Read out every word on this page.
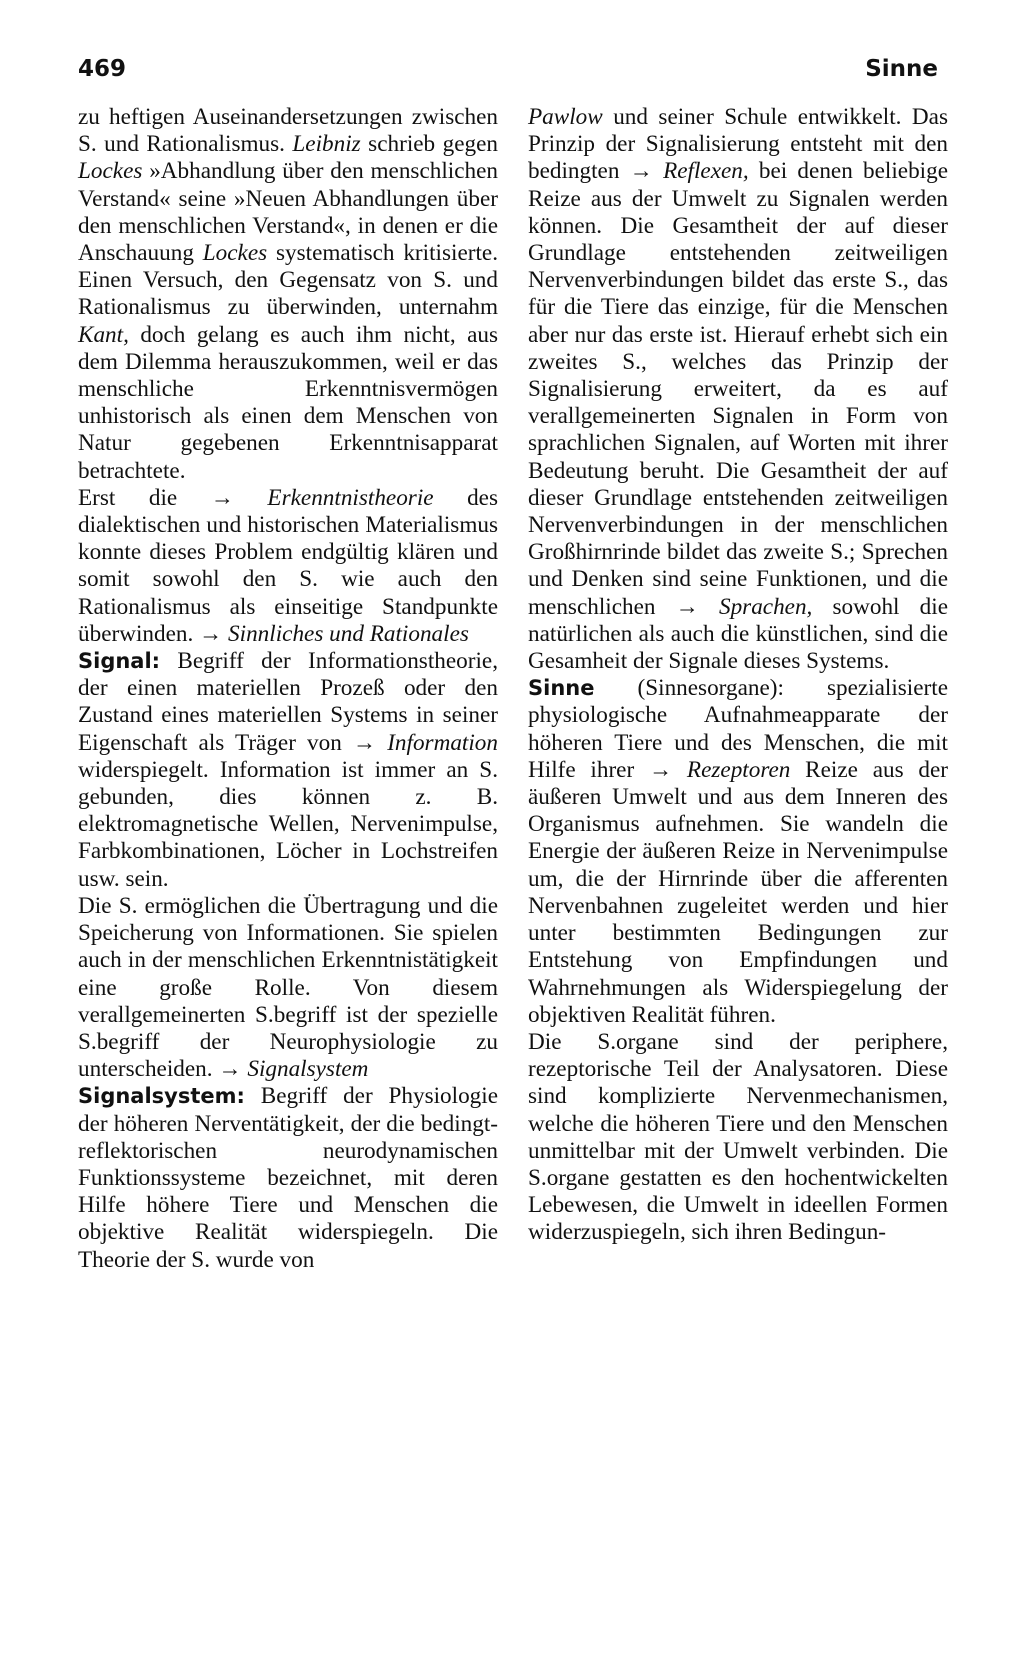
469	Sinne

zu heftigen Auseinandersetzungen zwischen S. und Rationalismus. Leibniz schrieb gegen Lockes »Abhandlung über den menschlichen Verstand« seine »Neuen Abhandlungen über den menschlichen Verstand«, in denen er die Anschauung Lockes systematisch kritisierte. Einen Versuch, den Gegensatz von S. und Rationalismus zu überwinden, unternahm Kant, doch gelang es auch ihm nicht, aus dem Dilemma herauszukommen, weil er das menschliche Erkenntnisvermögen unhistorisch als einen dem Menschen von Natur gegebenen Erkenntnisapparat betrachtete.

Erst die → Erkenntnistheorie des dialektischen und historischen Materialismus konnte dieses Problem endgültig klären und somit sowohl den S. wie auch den Rationalismus als einseitige Standpunkte überwinden. → Sinnliches und Rationales

Signal: Begriff der Informationstheorie, der einen materiellen Prozeß oder den Zustand eines materiellen Systems in seiner Eigenschaft als Träger von → Information widerspiegelt. Information ist immer an S. gebunden, dies können z. B. elektromagnetische Wellen, Nervenimpulse, Farbkombinationen, Löcher in Lochstreifen usw. sein.

Die S. ermöglichen die Übertragung und die Speicherung von Informationen. Sie spielen auch in der menschlichen Erkenntnistätigkeit eine große Rolle. Von diesem verallgemeinerten S.begriff ist der spezielle S.begriff der Neurophysiologie zu unterscheiden. → Signalsystem

Signalsystem: Begriff der Physiologie der höheren Nerventätigkeit, der die bedingt-reflektorischen neurodynamischen Funktionssysteme bezeichnet, mit deren Hilfe höhere Tiere und Menschen die objektive Realität widerspiegeln. Die Theorie der S. wurde von

Pawlow und seiner Schule entwikkelt. Das Prinzip der Signalisierung entsteht mit den bedingten → Reflexen, bei denen beliebige Reize aus der Umwelt zu Signalen werden können. Die Gesamtheit der auf dieser Grundlage entstehenden zeitweiligen Nervenverbindungen bildet das erste S., das für die Tiere das einzige, für die Menschen aber nur das erste ist. Hierauf erhebt sich ein zweites S., welches das Prinzip der Signalisierung erweitert, da es auf verallgemeinerten Signalen in Form von sprachlichen Signalen, auf Worten mit ihrer Bedeutung beruht. Die Gesamtheit der auf dieser Grundlage entstehenden zeitweiligen Nervenverbindungen in der menschlichen Großhirnrinde bildet das zweite S.; Sprechen und Denken sind seine Funktionen, und die menschlichen → Sprachen, sowohl die natürlichen als auch die künstlichen, sind die Gesamheit der Signale dieses Systems.

Sinne (Sinnesorgane): spezialisierte physiologische Aufnahmeapparate der höheren Tiere und des Menschen, die mit Hilfe ihrer → Rezeptoren Reize aus der äußeren Umwelt und aus dem Inneren des Organismus aufnehmen. Sie wandeln die Energie der äußeren Reize in Nervenimpulse um, die der Hirnrinde über die afferenten Nervenbahnen zugeleitet werden und hier unter bestimmten Bedingungen zur Entstehung von Empfindungen und Wahrnehmungen als Widerspiegelung der objektiven Realität führen.

Die S.organe sind der periphere, rezeptorische Teil der Analysatoren. Diese sind komplizierte Nervenmechanismen, welche die höheren Tiere und den Menschen unmittelbar mit der Umwelt verbinden. Die S.organe gestatten es den hochentwickelten Lebewesen, die Umwelt in ideellen Formen widerzuspiegeln, sich ihren Bedingun-
